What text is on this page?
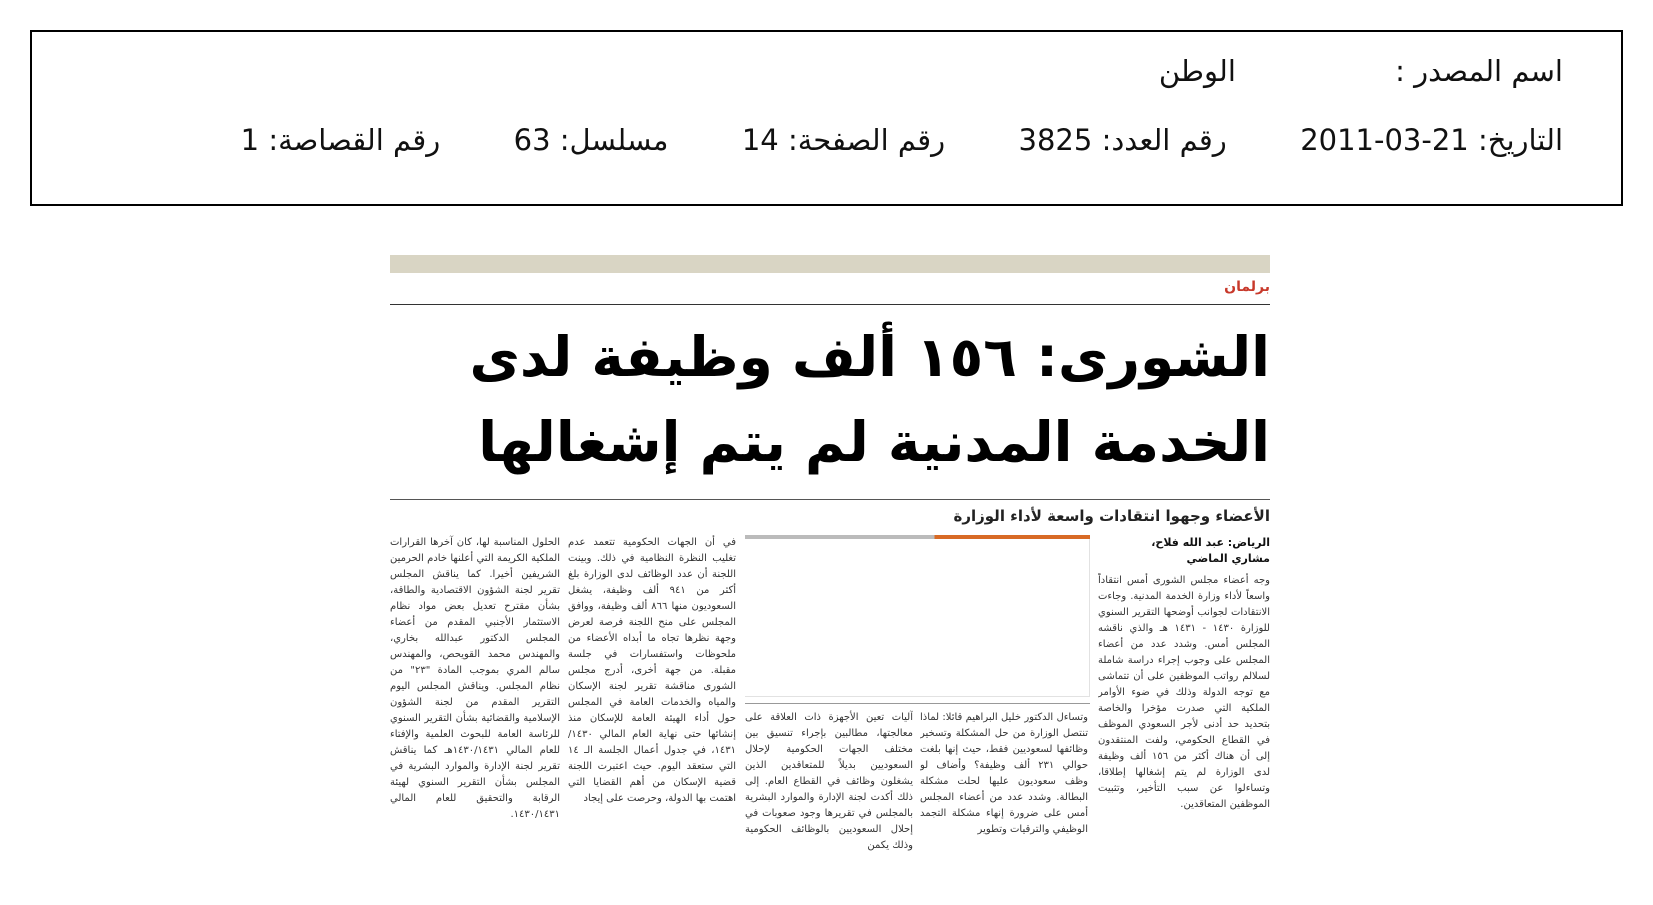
اسم المصدر : الوطن
التاريخ: 2011-03-21  رقم العدد: 3825  رقم الصفحة: 14  مسلسل: 63  رقم القصاصة: 1
برلمان
الشورى: ١٥٦ ألف وظيفة لدى الخدمة المدنية لم يتم إشغالها
الأعضاء وجهوا انتقادات واسعة لأداء الوزارة
الرياض: عبد الله فلاح، مشاري الماضي

وجه أعضاء مجلس الشورى أمس انتقاداً واسعاً لأداء وزارة الخدمة المدنية. وجاءت الانتقادات لجوانب أوضحها التقرير السنوي للوزارة ١٤٣٠ - ١٤٣١ هـ والذي ناقشه المجلس أمس. وشدد عدد من أعضاء المجلس على وجوب إجراء دراسة شاملة لسلالم رواتب الموظفين على أن تتماشى مع توجه الدولة وذلك في ضوء الأوامر الملكية التي صدرت مؤخرا والخاصة بتحديد حد أدنى لأجر السعودي الموظف في القطاع الحكومي، ولفت المنتقدون إلى أن هناك أكثر من ١٥٦ ألف وظيفة لدى الوزارة لم يتم إشغالها إطلاقا، وتساءلوا عن سبب التأخير، وتثبيت الموظفين المتعاقدين.

وتساءل الدكتور خليل البراهيم قائلا: لماذا تنتصل الوزارة من حل المشكلة وتسخير وظائفها لسعوديين فقط، حيث إنها بلغت حوالي ٢٣١ ألف وظيفة؟ وأضاف لو وظف سعوديون عليها لحلت مشكلة البطالة. وشدد عدد من أعضاء المجلس أمس على ضرورة إنهاء مشكلة التجمد الوظيفي والترقيات وتطوير

آليات تعين الأجهزة ذات العلاقة على معالجتها، مطالبين بإجراء تنسيق بين مختلف الجهات الحكومية لإحلال السعوديين بديلاً للمتعاقدين الذين يشغلون وظائف في القطاع العام. إلى ذلك أكدت لجنة الإدارة والموارد البشرية بالمجلس في تقريرها وجود صعوبات في إحلال السعوديين بالوظائف الحكومية وذلك يكمن

في أن الجهات الحكومية تتعمد عدم تغليب النظرة النظامية في ذلك. وبينت اللجنة أن عدد الوظائف لدى الوزارة بلغ أكثر من ٩٤١ ألف وظيفة، يشغل السعوديون منها ٨٦٦ ألف وظيفة، ووافق المجلس على منح اللجنة فرصة لعرض وجهة نظرها تجاه ما أبداه الأعضاء من ملحوظات واستفسارات في جلسة مقبلة. من جهة أخرى، أدرج مجلس الشورى مناقشة تقرير لجنة الإسكان والمياه والخدمات العامة في المجلس حول أداء الهيئة العامة للإسكان منذ إنشائها حتى نهاية العام المالي ١٤٣٠/ ١٤٣١، في جدول أعمال الجلسة الـ ١٤ التي ستعقد اليوم. حيث اعتبرت اللجنة قضية الإسكان من أهم القضايا التي اهتمت بها الدولة، وحرصت على إيجاد

الحلول المناسبة لها، كان آخرها القرارات الملكية الكريمة التي أعلنها خادم الحرمين الشريفين أخيرا. كما يناقش المجلس تقرير لجنة الشؤون الاقتصادية والطاقة، بشأن مقترح تعديل بعض مواد نظام الاستثمار الأجنبي المقدم من أعضاء المجلس الدكتور عبدالله بخاري، والمهندس محمد القويحص، والمهندس سالم المري بموجب المادة "٢٣" من نظام المجلس. ويناقش المجلس اليوم التقرير المقدم من لجنة الشؤون الإسلامية والقضائية بشأن التقرير السنوي للرئاسة العامة للبحوث العلمية والإفتاء للعام المالي ١٤٣٠/١٤٣١هـ كما يناقش تقرير لجنة الإدارة والموارد البشرية في المجلس بشأن التقرير السنوي لهيئة الرقابة والتحقيق للعام المالي ١٤٣٠/١٤٣١.
